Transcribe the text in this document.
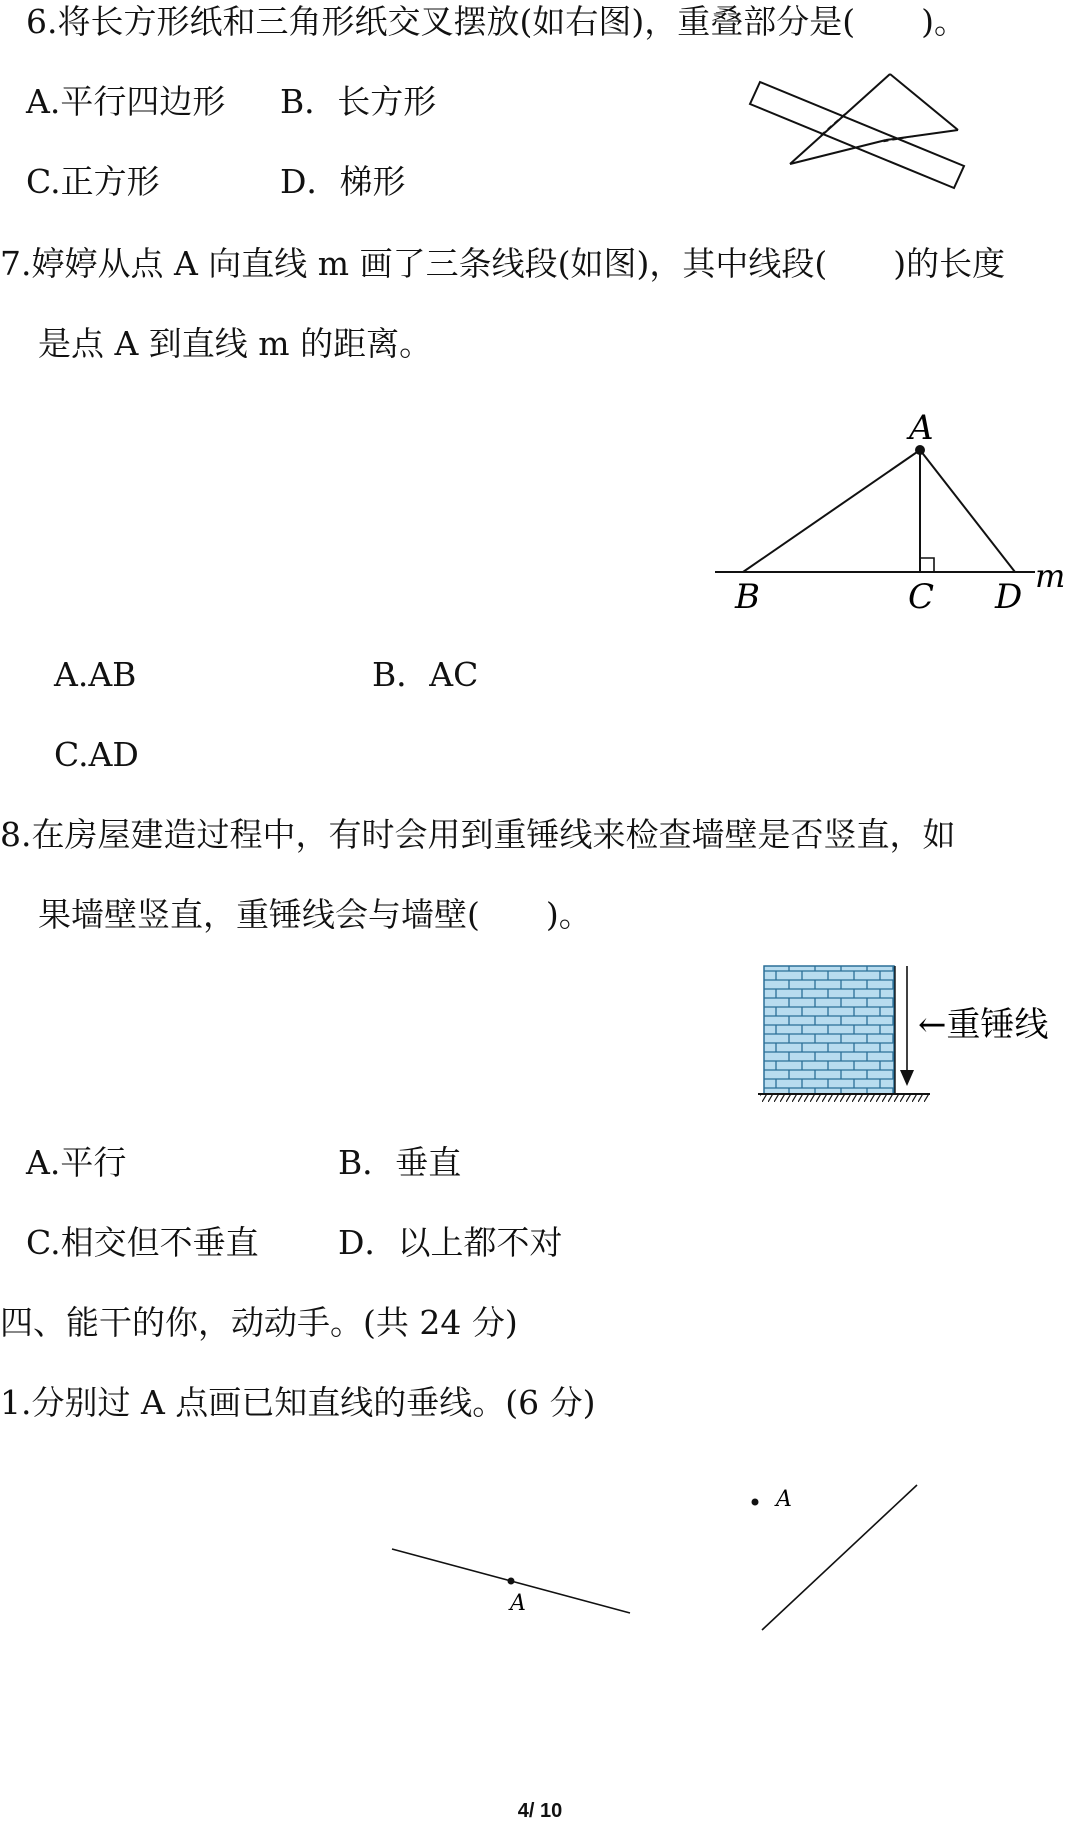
6.将长方形纸和三角形纸交叉摆放(如右图)，重叠部分是(　　)。

A.平行四边形 B．长方形
C.正方形	D．梯形

7.婷婷从点 A 向直线 m 画了三条线段(如图)，其中线段(　　)的长度

是点 A 到直线 m 的距离。

A
B	C D
m
A.AB	B．AC
C.AD

8.在房屋建造过程中，有时会用到重锤线来检查墙壁是否竖直，如

果墙壁竖直，重锤线会与墙壁(　　)。

←重锤线
A.平行	B．垂直
C.相交但不垂直 D．以上都不对

四、能干的你，动动手。(共 24 分)

1.分别过 A 点画已知直线的垂线。(6 分)

A
A
4/ 10
